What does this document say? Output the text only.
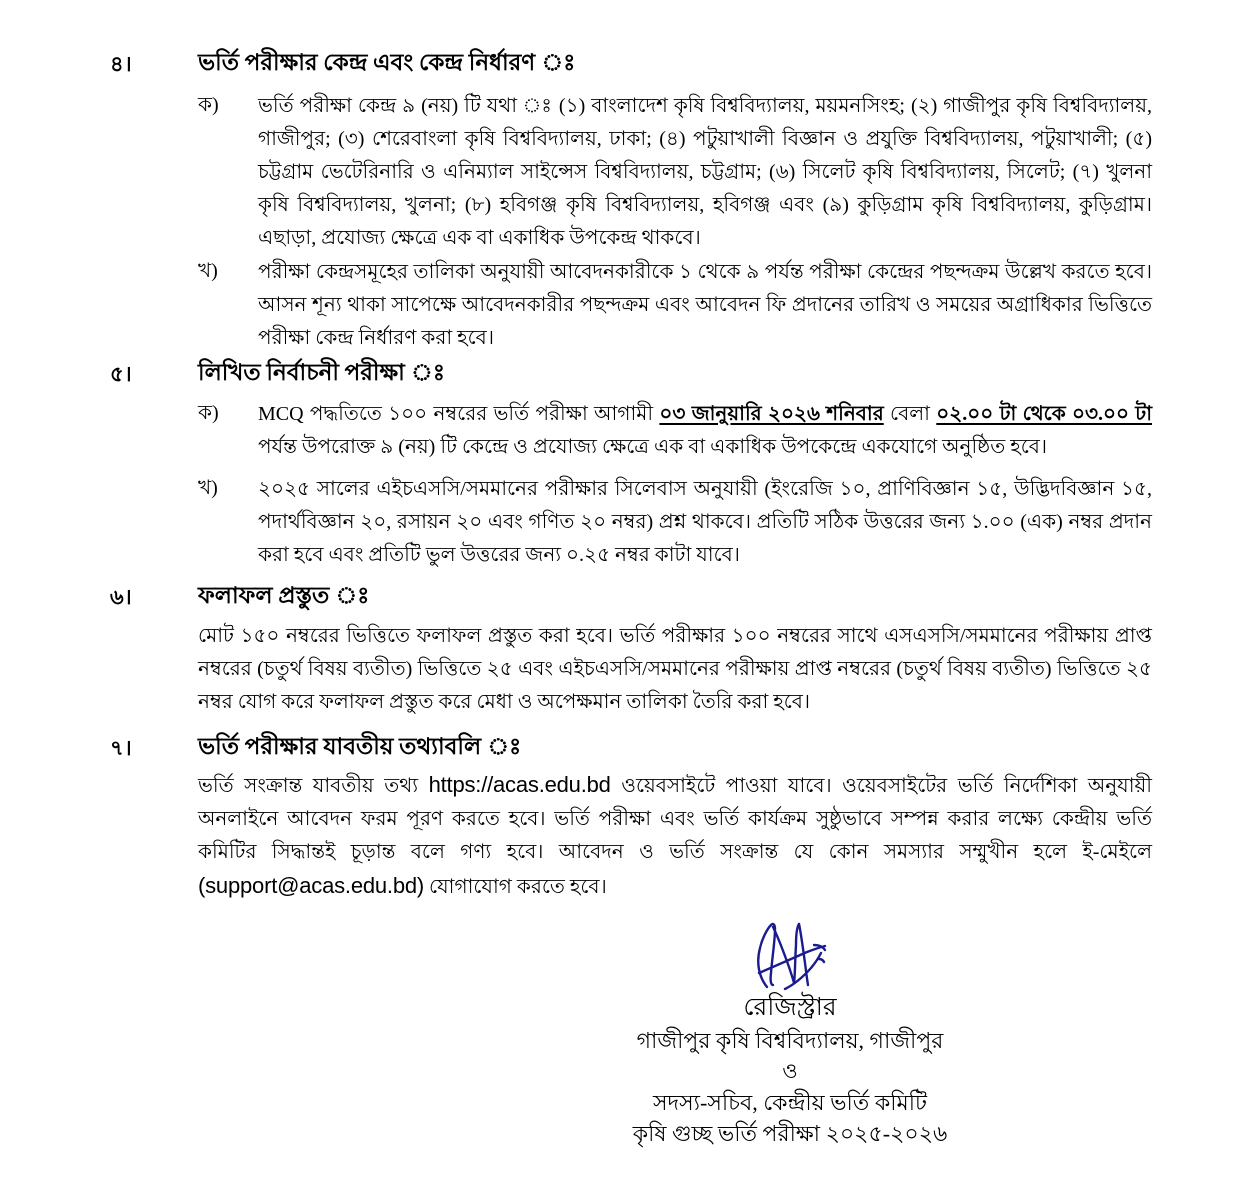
৪।	ভর্তি পরীক্ষার কেন্দ্র এবং কেন্দ্র নির্ধারণ ঃ
ক)	ভর্তি পরীক্ষা কেন্দ্র ৯ (নয়) টি যথা ঃ (১) বাংলাদেশ কৃষি বিশ্ববিদ্যালয়, ময়মনসিংহ; (২) গাজীপুর কৃষি বিশ্ববিদ্যালয়, গাজীপুর; (৩) শেরেবাংলা কৃষি বিশ্ববিদ্যালয়, ঢাকা; (৪) পটুয়াখালী বিজ্ঞান ও প্রযুক্তি বিশ্ববিদ্যালয়, পটুয়াখালী; (৫) চট্টগ্রাম ভেটেরিনারি ও এনিম্যাল সাইন্সেস বিশ্ববিদ্যালয়, চট্টগ্রাম; (৬) সিলেট কৃষি বিশ্ববিদ্যালয়, সিলেট; (৭) খুলনা কৃষি বিশ্ববিদ্যালয়, খুলনা; (৮) হবিগঞ্জ কৃষি বিশ্ববিদ্যালয়, হবিগঞ্জ এবং (৯) কুড়িগ্রাম কৃষি বিশ্ববিদ্যালয়, কুড়িগ্রাম। এছাড়া, প্রযোজ্য ক্ষেত্রে এক বা একাধিক উপকেন্দ্র থাকবে।
খ)	পরীক্ষা কেন্দ্রসমূহের তালিকা অনুযায়ী আবেদনকারীকে ১ থেকে ৯ পর্যন্ত পরীক্ষা কেন্দ্রের পছন্দক্রম উল্লেখ করতে হবে। আসন শূন্য থাকা সাপেক্ষে আবেদনকারীর পছন্দক্রম এবং আবেদন ফি প্রদানের তারিখ ও সময়ের অগ্রাধিকার ভিত্তিতে পরীক্ষা কেন্দ্র নির্ধারণ করা হবে।
৫।	লিখিত নির্বাচনী পরীক্ষা ঃ
ক)	MCQ পদ্ধতিতে ১০০ নম্বরের ভর্তি পরীক্ষা আগামী ০৩ জানুয়ারি ২০২৬ শনিবার বেলা ০২.০০ টা থেকে ০৩.০০ টা পর্যন্ত উপরোক্ত ৯ (নয়) টি কেন্দ্রে ও প্রযোজ্য ক্ষেত্রে এক বা একাধিক উপকেন্দ্রে একযোগে অনুষ্ঠিত হবে।
খ)	২০২৫ সালের এইচএসসি/সমমানের পরীক্ষার সিলেবাস অনুযায়ী (ইংরেজি ১০, প্রাণিবিজ্ঞান ১৫, উদ্ভিদবিজ্ঞান ১৫, পদার্থবিজ্ঞান ২০, রসায়ন ২০ এবং গণিত ২০ নম্বর) প্রশ্ন থাকবে। প্রতিটি সঠিক উত্তরের জন্য ১.০০ (এক) নম্বর প্রদান করা হবে এবং প্রতিটি ভুল উত্তরের জন্য ০.২৫ নম্বর কাটা যাবে।
৬।	ফলাফল প্রস্তুত ঃ
মোট ১৫০ নম্বরের ভিত্তিতে ফলাফল প্রস্তুত করা হবে। ভর্তি পরীক্ষার ১০০ নম্বরের সাথে এসএসসি/সমমানের পরীক্ষায় প্রাপ্ত নম্বরের (চতুর্থ বিষয় ব্যতীত) ভিত্তিতে ২৫ এবং এইচএসসি/সমমানের পরীক্ষায় প্রাপ্ত নম্বরের (চতুর্থ বিষয় ব্যতীত) ভিত্তিতে ২৫ নম্বর যোগ করে ফলাফল প্রস্তুত করে মেধা ও অপেক্ষমান তালিকা তৈরি করা হবে।
৭।	ভর্তি পরীক্ষার যাবতীয় তথ্যাবলি ঃ
ভর্তি সংক্রান্ত যাবতীয় তথ্য https://acas.edu.bd ওয়েবসাইটে পাওয়া যাবে। ওয়েবসাইটের ভর্তি নির্দেশিকা অনুযায়ী অনলাইনে আবেদন ফরম পূরণ করতে হবে। ভর্তি পরীক্ষা এবং ভর্তি কার্যক্রম সুষ্ঠুভাবে সম্পন্ন করার লক্ষ্যে কেন্দ্রীয় ভর্তি কমিটির সিদ্ধান্তই চূড়ান্ত বলে গণ্য হবে। আবেদন ও ভর্তি সংক্রান্ত যে কোন সমস্যার সম্মুখীন হলে ই-মেইলে (support@acas.edu.bd) যোগাযোগ করতে হবে।
রেজিস্ট্রার
গাজীপুর কৃষি বিশ্ববিদ্যালয়, গাজীপুর
ও
সদস্য-সচিব, কেন্দ্রীয় ভর্তি কমিটি
কৃষি গুচ্ছ ভর্তি পরীক্ষা ২০২৫-২০২৬
